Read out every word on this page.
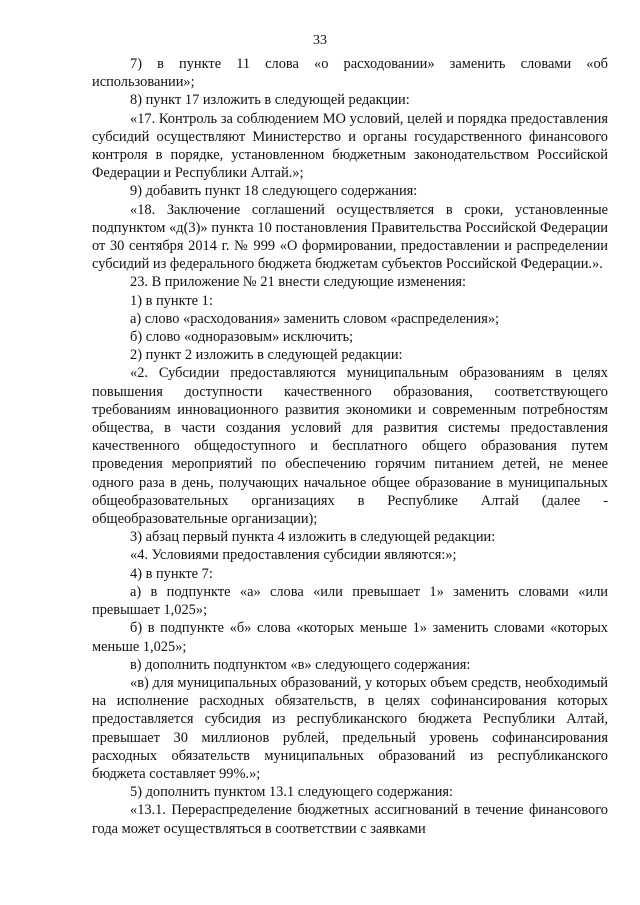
33

7) в пункте 11 слова «о расходовании» заменить словами «об использовании»;

8) пункт 17 изложить в следующей редакции:

«17. Контроль за соблюдением МО условий, целей и порядка предоставления субсидий осуществляют Министерство и органы государственного финансового контроля в порядке, установленном бюджетным законодательством Российской Федерации и Республики Алтай.»;

9) добавить пункт 18 следующего содержания:

«18. Заключение соглашений осуществляется в сроки, установленные подпунктом «д(3)» пункта 10 постановления Правительства Российской Федерации от 30 сентября 2014 г. № 999 «О формировании, предоставлении и распределении субсидий из федерального бюджета бюджетам субъектов Российской Федерации.».

23. В приложение № 21 внести следующие изменения:

1) в пункте 1:

а) слово «расходования» заменить словом «распределения»;

б) слово «одноразовым» исключить;

2) пункт 2 изложить в следующей редакции:

«2. Субсидии предоставляются муниципальным образованиям в целях повышения доступности качественного образования, соответствующего требованиям инновационного развития экономики и современным потребностям общества, в части создания условий для развития системы предоставления качественного общедоступного и бесплатного общего образования путем проведения мероприятий по обеспечению горячим питанием детей, не менее одного раза в день, получающих начальное общее образование в муниципальных общеобразовательных организациях в Республике Алтай (далее - общеобразовательные организации);

3) абзац первый пункта 4 изложить в следующей редакции:

«4. Условиями предоставления субсидии являются:»;

4) в пункте 7:

а) в подпункте «а» слова «или превышает 1» заменить словами «или превышает 1,025»;

б) в подпункте «б» слова «которых меньше 1» заменить словами «которых меньше 1,025»;

в) дополнить подпунктом «в» следующего содержания:

«в) для муниципальных образований, у которых объем средств, необходимый на исполнение расходных обязательств, в целях софинансирования которых предоставляется субсидия из республиканского бюджета Республики Алтай, превышает 30 миллионов рублей, предельный уровень софинансирования расходных обязательств муниципальных образований из республиканского бюджета составляет 99%.»;

5) дополнить пунктом 13.1 следующего содержания:

«13.1. Перераспределение бюджетных ассигнований в течение финансового года может осуществляться в соответствии с заявками
